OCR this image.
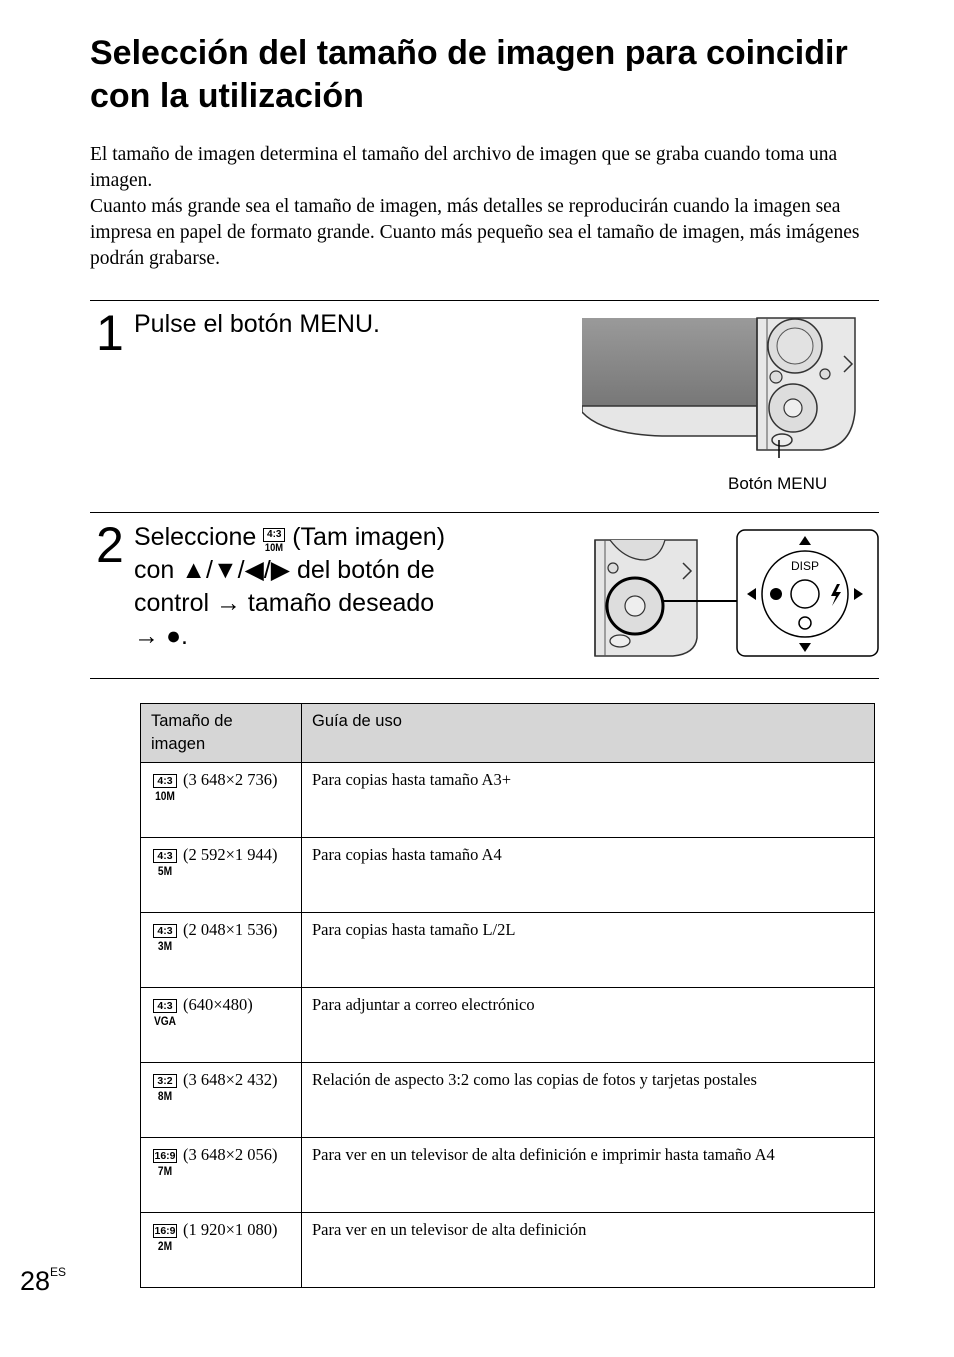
Selección del tamaño de imagen para coincidir con la utilización

El tamaño de imagen determina el tamaño del archivo de imagen que se graba cuando toma una imagen.

Cuanto más grande sea el tamaño de imagen, más detalles se reproducirán cuando la imagen sea impresa en papel de formato grande. Cuanto más pequeño sea el tamaño de imagen, más imágenes podrán grabarse.

1 Pulse el botón MENU.
Botón MENU
2 Seleccione $\frac{4:3}{10M} (Tam$ imagen)
con ▲/▼/◀/▶ del botón de
control → tamaño deseado
→ ●.
DISP
Tamaño de imagen	Guía de uso

4:3
10M
(3 648×2 736)	Para copias hasta tamaño A3+

4:3
5M
(2 592×1 944)	Para copias hasta tamaño A4

4:3
3M
(2 048×1 536)	Para copias hasta tamaño L/2L

4:3
VGA
(640×480)	Para adjuntar a correo electrónico

3:2
8M
(3 648×2 432)	Relación de aspecto 3:2 como las copias de fotos y tarjetas postales

16:9
7M
(3 648×2 056)	Para ver en un televisor de alta definición e imprimir hasta tamaño A4

16:9
2M
(1 920×1 080)	Para ver en un televisor de alta definición
$28^{ES}$
